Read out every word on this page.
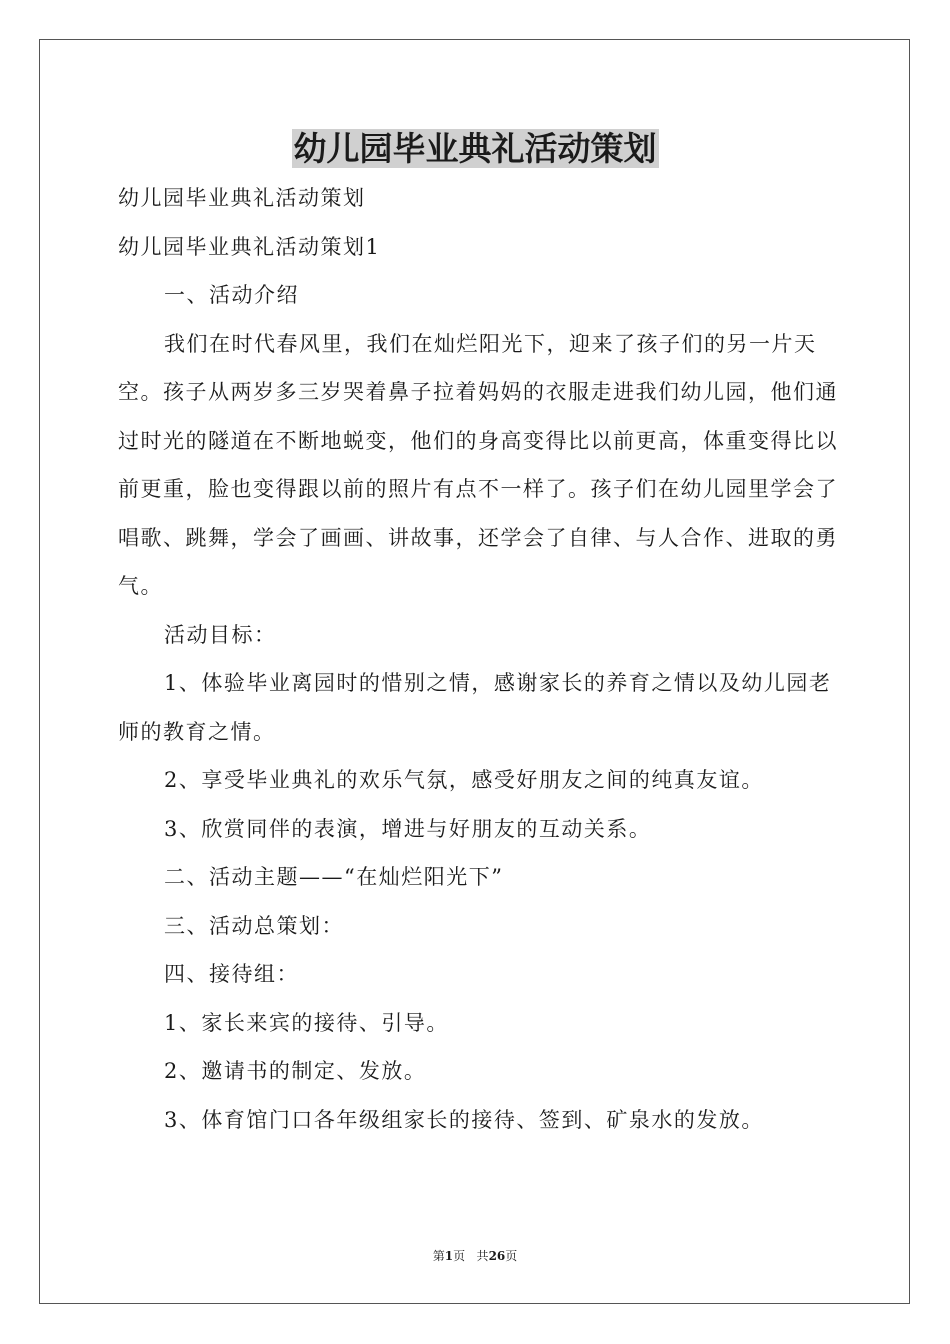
幼儿园毕业典礼活动策划

幼儿园毕业典礼活动策划

幼儿园毕业典礼活动策划1

一、活动介绍

我们在时代春风里，我们在灿烂阳光下，迎来了孩子们的另一片天空。孩子从两岁多三岁哭着鼻子拉着妈妈的衣服走进我们幼儿园，他们通过时光的隧道在不断地蜕变，他们的身高变得比以前更高，体重变得比以前更重，脸也变得跟以前的照片有点不一样了。孩子们在幼儿园里学会了唱歌、跳舞，学会了画画、讲故事，还学会了自律、与人合作、进取的勇气。

活动目标：

1、体验毕业离园时的惜别之情，感谢家长的养育之情以及幼儿园老师的教育之情。

2、享受毕业典礼的欢乐气氛，感受好朋友之间的纯真友谊。

3、欣赏同伴的表演，增进与好朋友的互动关系。

二、活动主题——“在灿烂阳光下”

三、活动总策划：

四、接待组：

1、家长来宾的接待、引导。

2、邀请书的制定、发放。

3、体育馆门口各年级组家长的接待、签到、矿泉水的发放。

第1页 共26页
